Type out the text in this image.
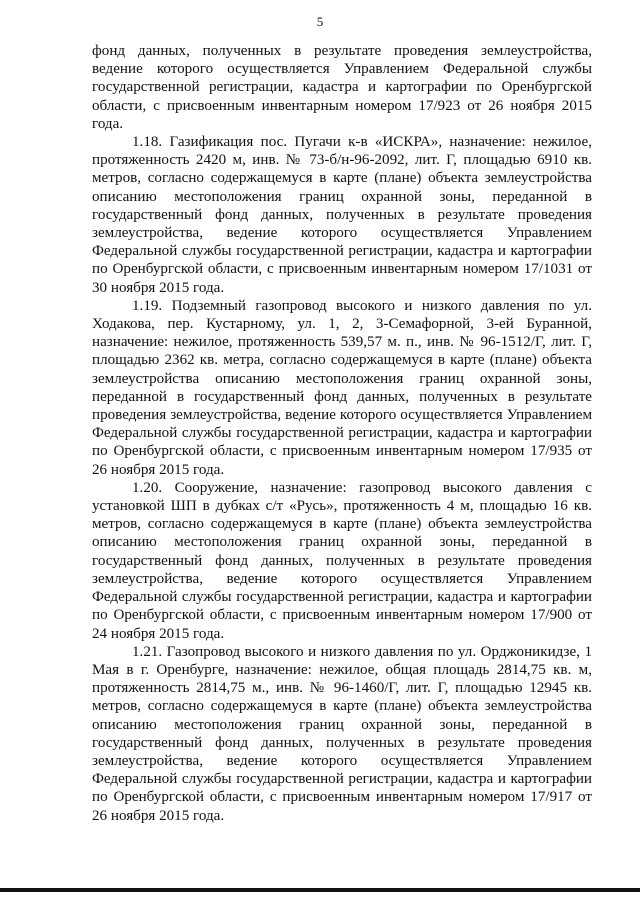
5

фонд данных, полученных в результате проведения землеустройства, ведение которого осуществляется Управлением Федеральной службы государственной регистрации, кадастра и картографии по Оренбургской области, с присвоенным инвентарным номером 17/923 от 26 ноября 2015 года.

1.18. Газификация пос. Пугачи к-в «ИСКРА», назначение: нежилое, протяженность 2420 м, инв. № 73-б/н-96-2092, лит. Г, площадью 6910 кв. метров, согласно содержащемуся в карте (плане) объекта землеустройства описанию местоположения границ охранной зоны, переданной в государственный фонд данных, полученных в результате проведения землеустройства, ведение которого осуществляется Управлением Федеральной службы государственной регистрации, кадастра и картографии по Оренбургской области, с присвоенным инвентарным номером 17/1031 от 30 ноября 2015 года.

1.19. Подземный газопровод высокого и низкого давления по ул. Ходакова, пер. Кустарному, ул. 1, 2, 3-Семафорной, 3-ей Буранной, назначение: нежилое, протяженность 539,57 м. п., инв. № 96-1512/Г, лит. Г, площадью 2362 кв. метра, согласно содержащемуся в карте (плане) объекта землеустройства описанию местоположения границ охранной зоны, переданной в государственный фонд данных, полученных в результате проведения землеустройства, ведение которого осуществляется Управлением Федеральной службы государственной регистрации, кадастра и картографии по Оренбургской области, с присвоенным инвентарным номером 17/935 от 26 ноября 2015 года.

1.20. Сооружение, назначение: газопровод высокого давления с установкой ШП в дубках с/т «Русь», протяженность 4 м, площадью 16 кв. метров, согласно содержащемуся в карте (плане) объекта землеустройства описанию местоположения границ охранной зоны, переданной в государственный фонд данных, полученных в результате проведения землеустройства, ведение которого осуществляется Управлением Федеральной службы государственной регистрации, кадастра и картографии по Оренбургской области, с присвоенным инвентарным номером 17/900 от 24 ноября 2015 года.

1.21. Газопровод высокого и низкого давления по ул. Орджоникидзе, 1 Мая в г. Оренбурге, назначение: нежилое, общая площадь 2814,75 кв. м, протяженность 2814,75 м., инв. № 96-1460/Г, лит. Г, площадью 12945 кв. метров, согласно содержащемуся в карте (плане) объекта землеустройства описанию местоположения границ охранной зоны, переданной в государственный фонд данных, полученных в результате проведения землеустройства, ведение которого осуществляется Управлением Федеральной службы государственной регистрации, кадастра и картографии по Оренбургской области, с присвоенным инвентарным номером 17/917 от 26 ноября 2015 года.
